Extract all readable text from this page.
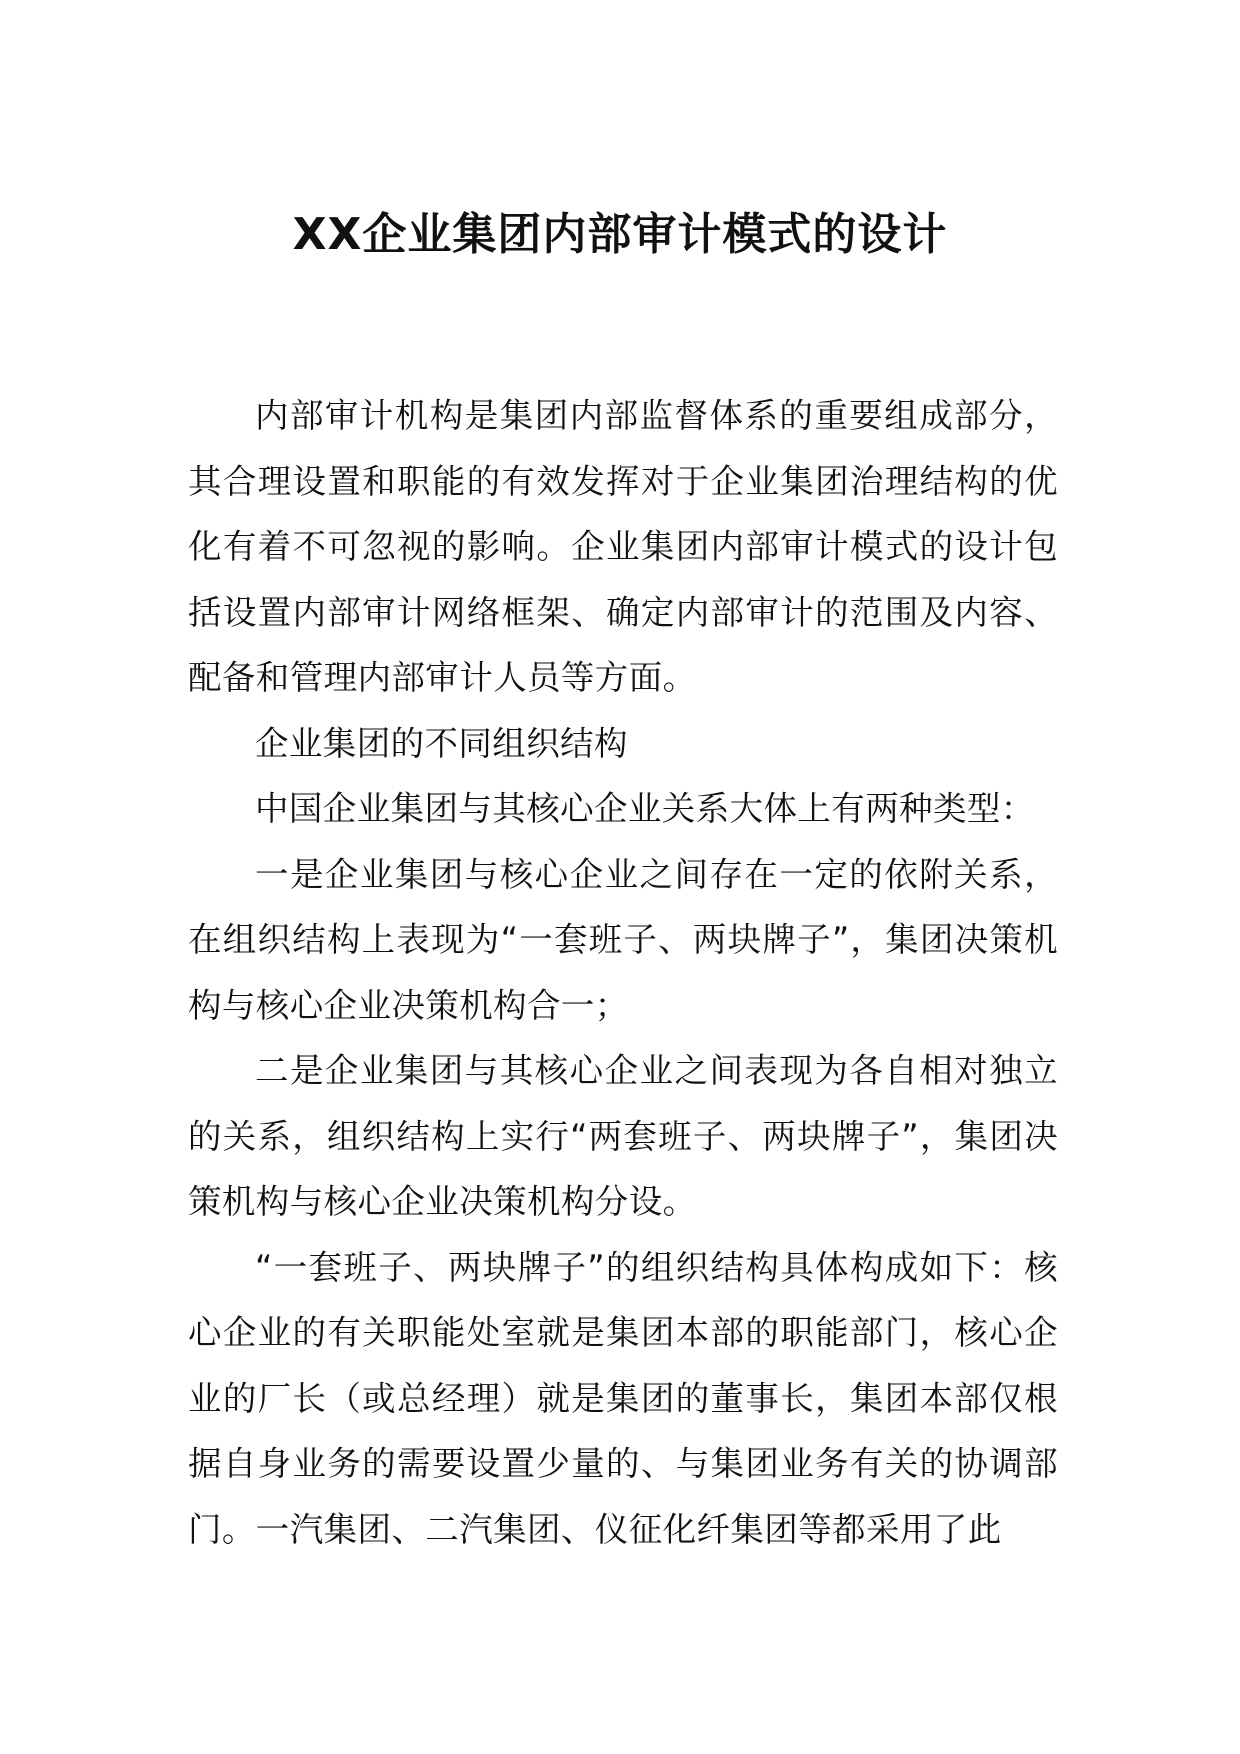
XX企业集团内部审计模式的设计

内部审计机构是集团内部监督体系的重要组成部分，其合理设置和职能的有效发挥对于企业集团治理结构的优化有着不可忽视的影响。企业集团内部审计模式的设计包括设置内部审计网络框架、确定内部审计的范围及内容、配备和管理内部审计人员等方面。

企业集团的不同组织结构

中国企业集团与其核心企业关系大体上有两种类型：

一是企业集团与核心企业之间存在一定的依附关系，在组织结构上表现为“一套班子、两块牌子”，集团决策机构与核心企业决策机构合一；

二是企业集团与其核心企业之间表现为各自相对独立的关系，组织结构上实行“两套班子、两块牌子”，集团决策机构与核心企业决策机构分设。

“一套班子、两块牌子”的组织结构具体构成如下：核心企业的有关职能处室就是集团本部的职能部门，核心企业的厂长（或总经理）就是集团的董事长，集团本部仅根据自身业务的需要设置少量的、与集团业务有关的协调部门。一汽集团、二汽集团、仪征化纤集团等都采用了此
